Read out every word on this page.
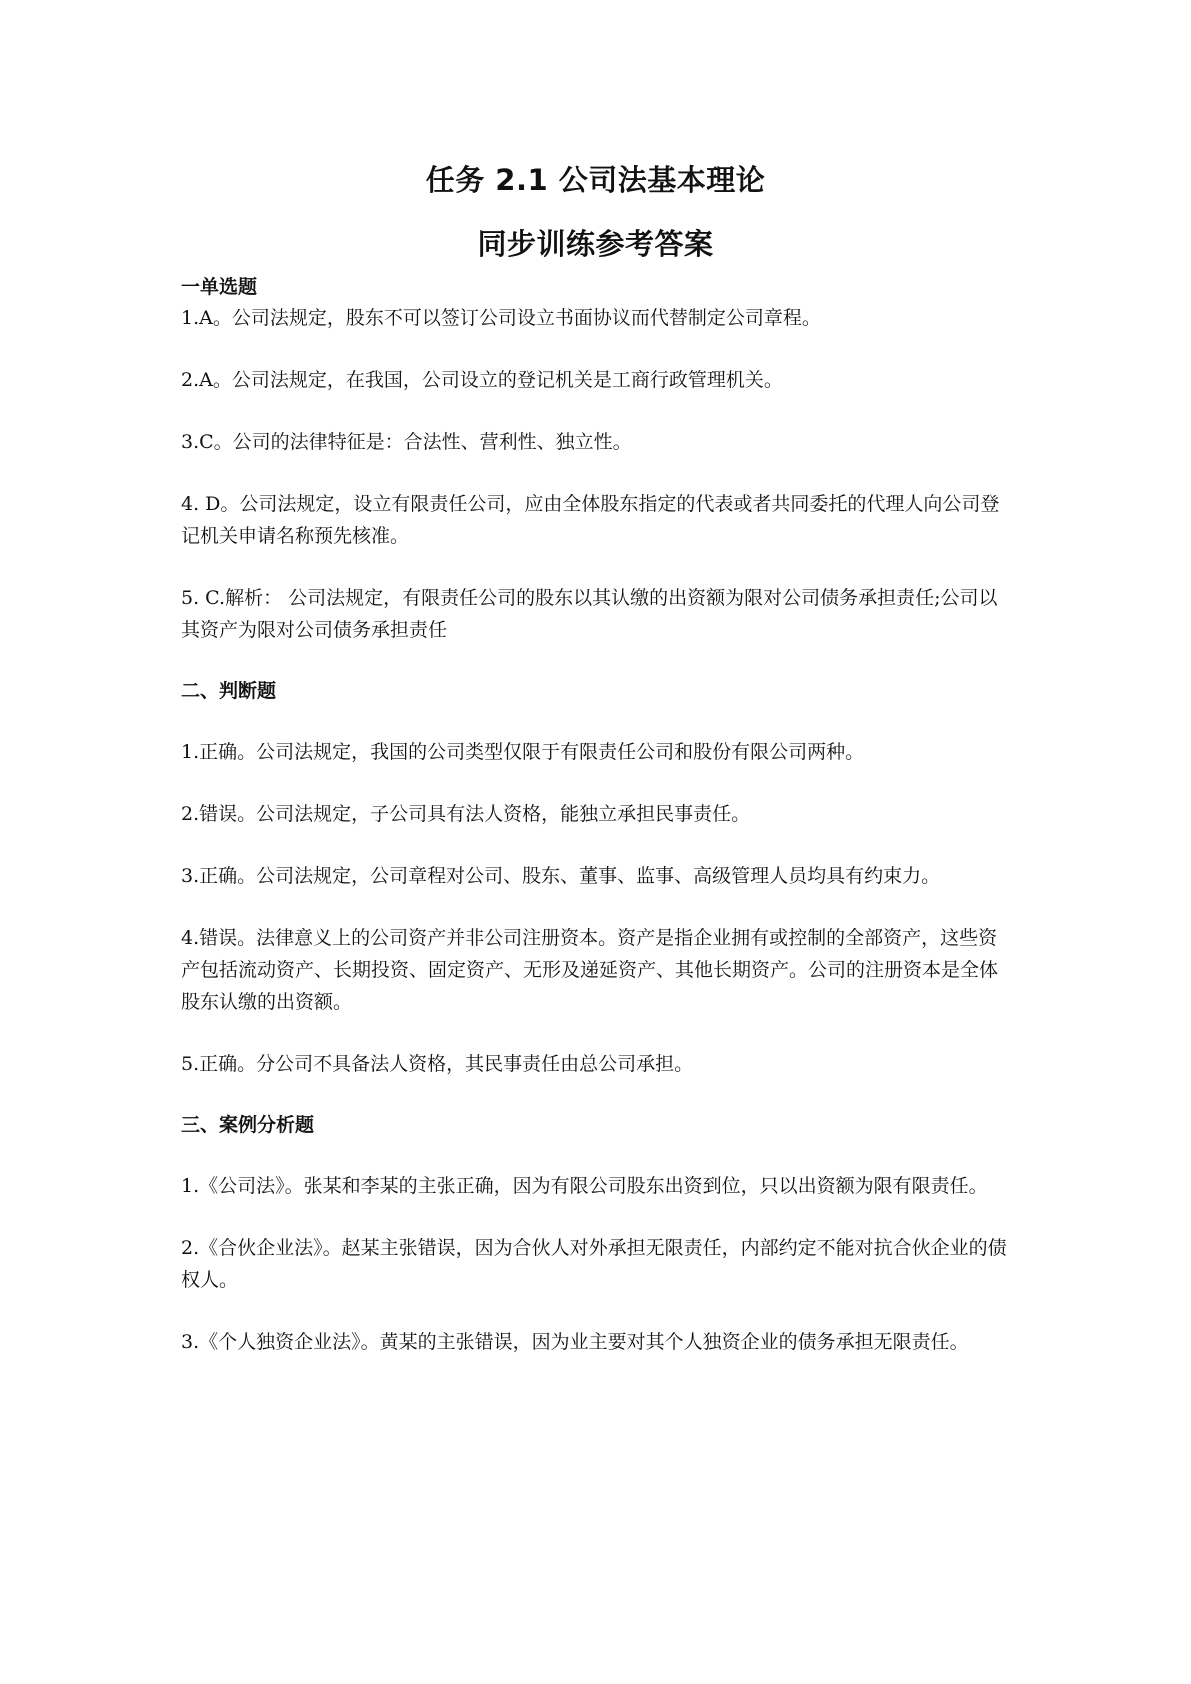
任务 2.1 公司法基本理论
同步训练参考答案
一单选题

1.A。公司法规定，股东不可以签订公司设立书面协议而代替制定公司章程。

2.A。公司法规定，在我国，公司设立的登记机关是工商行政管理机关。

3.C。公司的法律特征是：合法性、营利性、独立性。

4. D。公司法规定，设立有限责任公司，应由全体股东指定的代表或者共同委托的代理人向公司登记机关申请名称预先核准。

5. C.解析： 公司法规定，有限责任公司的股东以其认缴的出资额为限对公司债务承担责任;公司以其资产为限对公司债务承担责任

二、判断题

1.正确。公司法规定，我国的公司类型仅限于有限责任公司和股份有限公司两种。

2.错误。公司法规定，子公司具有法人资格，能独立承担民事责任。

3.正确。公司法规定，公司章程对公司、股东、董事、监事、高级管理人员均具有约束力。

4.错误。法律意义上的公司资产并非公司注册资本。资产是指企业拥有或控制的全部资产，这些资产包括流动资产、长期投资、固定资产、无形及递延资产、其他长期资产。公司的注册资本是全体股东认缴的出资额。

5.正确。分公司不具备法人资格，其民事责任由总公司承担。

三、案例分析题

1.《公司法》。张某和李某的主张正确，因为有限公司股东出资到位，只以出资额为限有限责任。

2.《合伙企业法》。赵某主张错误，因为合伙人对外承担无限责任，内部约定不能对抗合伙企业的债权人。

3.《个人独资企业法》。黄某的主张错误，因为业主要对其个人独资企业的债务承担无限责任。
